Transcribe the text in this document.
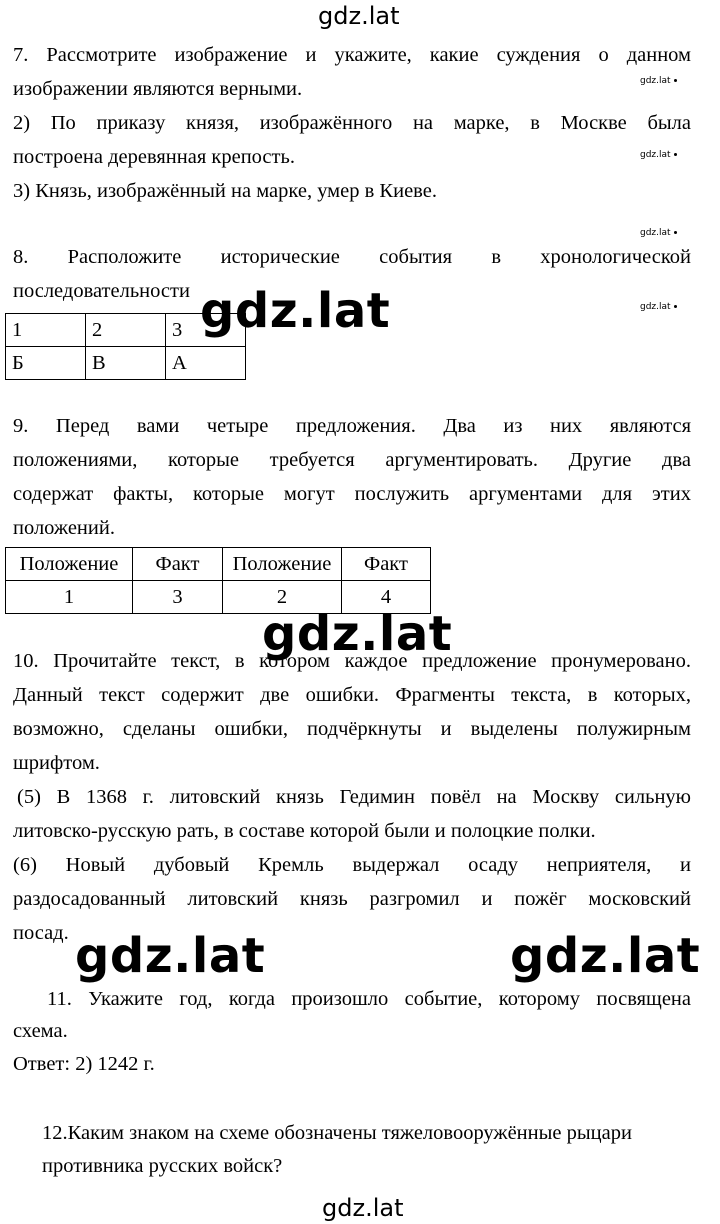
gdz.lat
7. Рассмотрите изображение и укажите, какие суждения о данном
изображении являются верными.
2) По приказу князя, изображённого на марке, в Москве была
построена деревянная крепость.
3) Князь, изображённый на марке, умер в Киеве.
gdz.lat
gdz.lat
gdz.lat
gdz.lat
8. Расположите исторические события в хронологической
последовательности
1	2	3
Б	В	А
gdz.lat
9. Перед вами четыре предложения. Два из них являются
положениями, которые требуется аргументировать. Другие два
содержат факты, которые могут послужить аргументами для этих
положений.
Положение	Факт	Положение	Факт
1	3	2	4
gdz.lat
10. Прочитайте текст, в котором каждое предложение пронумеровано.
Данный текст содержит две ошибки. Фрагменты текста, в которых,
возможно, сделаны ошибки, подчёркнуты и выделены полужирным
шрифтом.
(5) В 1368 г. литовский князь Гедимин повёл на Москву сильную
литовско-русскую рать, в составе которой были и полоцкие полки.
(6) Новый дубовый Кремль выдержал осаду неприятеля, и
раздосадованный литовский князь разгромил и пожёг московский
посад. gdz.lat	gdz.lat
11. Укажите год, когда произошло событие, которому посвящена
схема.
Ответ: 2) 1242 г.
12.Каким знаком на схеме обозначены тяжеловооружённые рыцари
противника русских войск?
gdz.lat
